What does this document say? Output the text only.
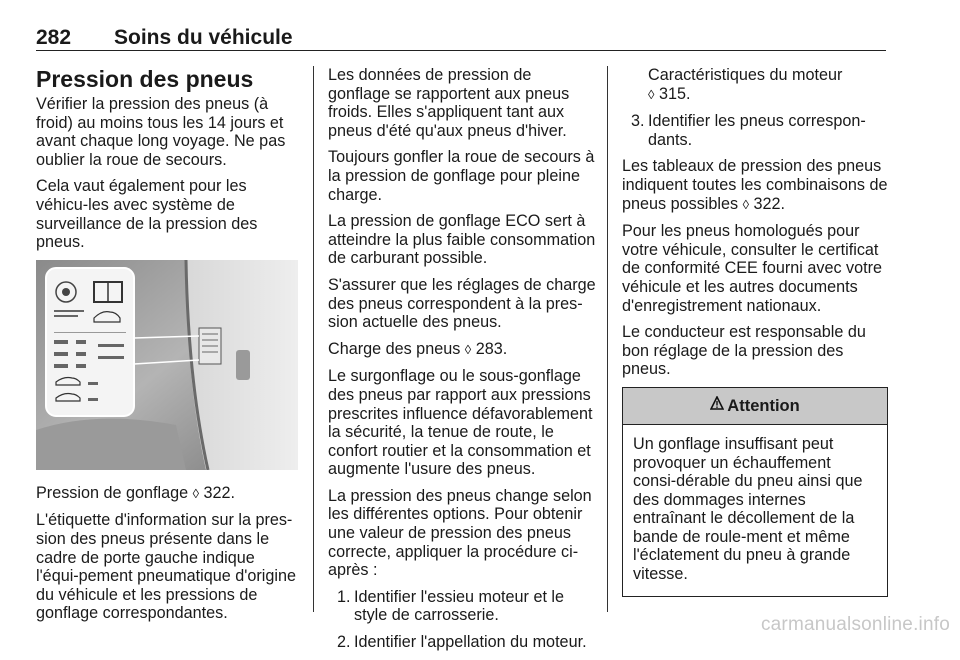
282 Soins du véhicule
Pression des pneus

Vérifier la pression des pneus (à froid) au moins tous les 14 jours et avant chaque long voyage. Ne pas oublier la roue de secours.

Cela vaut également pour les véhicu-les avec système de surveillance de la pression des pneus.

Pression de gonflage ◊ 322.

L'étiquette d'information sur la pres-sion des pneus présente dans le cadre de porte gauche indique l'équi-pement pneumatique d'origine du véhicule et les pressions de gonflage correspondantes.

Les données de pression de gonflage se rapportent aux pneus froids. Elles s'appliquent tant aux pneus d'été qu'aux pneus d'hiver.

Toujours gonfler la roue de secours à la pression de gonflage pour pleine charge.

La pression de gonflage ECO sert à atteindre la plus faible consommation de carburant possible.

S'assurer que les réglages de charge des pneus correspondent à la pres-sion actuelle des pneus.

Charge des pneus ◊ 283.

Le surgonflage ou le sous-gonflage des pneus par rapport aux pressions prescrites influence défavorablement la sécurité, la tenue de route, le confort routier et la consommation et augmente l'usure des pneus.

La pression des pneus change selon les différentes options. Pour obtenir une valeur de pression des pneus correcte, appliquer la procédure ci-après :

1. Identifier l'essieu moteur et le style de carrosserie.
2. Identifier l'appellation du moteur.
Caractéristiques du moteur
◊ 315.
3. Identifier les pneus correspon-dants.

Les tableaux de pression des pneus indiquent toutes les combinaisons de pneus possibles ◊ 322.

Pour les pneus homologués pour votre véhicule, consulter le certificat de conformité CEE fourni avec votre véhicule et les autres documents d'enregistrement nationaux.

Le conducteur est responsable du bon réglage de la pression des pneus.

Attention
Un gonflage insuffisant peut provoquer un échauffement consi-dérable du pneu ainsi que des dommages internes entraînant le décollement de la bande de roule-ment et même l'éclatement du pneu à grande vitesse.
carmanualsonline.info
